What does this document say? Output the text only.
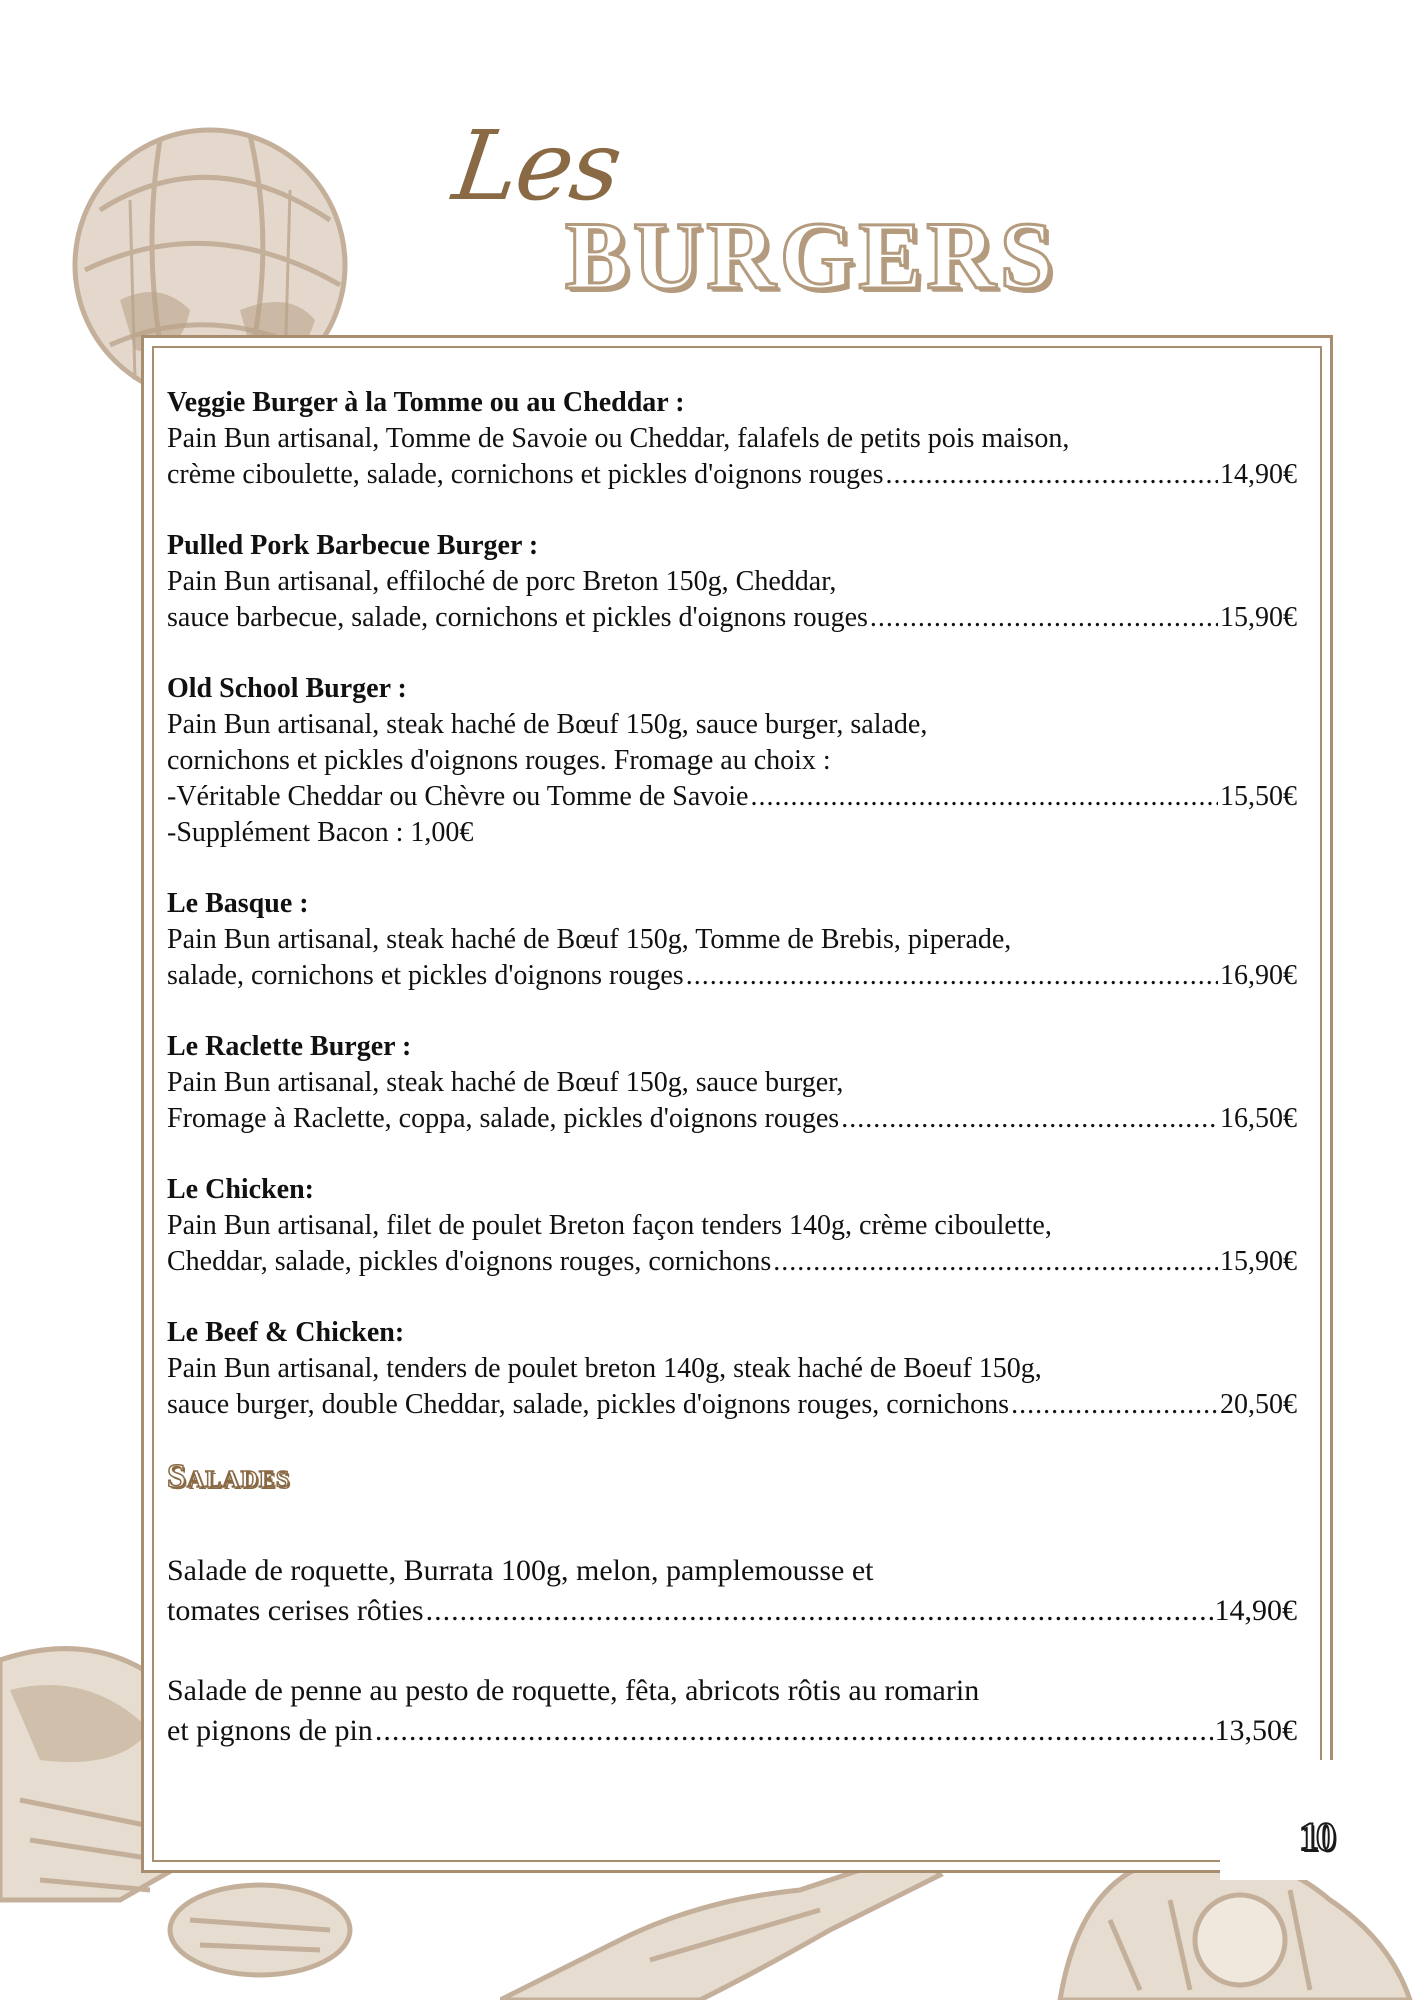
Les
BURGERS
10
Veggie Burger à la Tomme ou au Cheddar :
Pain Bun artisanal, Tomme de Savoie ou Cheddar, falafels de petits pois maison,
crème ciboulette, salade, cornichons et pickles d'oignons rouges .....	14,90€
Pulled Pork Barbecue Burger :
Pain Bun artisanal, effiloché de porc Breton 150g, Cheddar,
sauce barbecue, salade, cornichons et pickles d'oignons rouges .....	15,90€
Old School Burger :
Pain Bun artisanal, steak haché de Bœuf 150g, sauce burger, salade,
cornichons et pickles d'oignons rouges. Fromage au choix :
-Véritable Cheddar ou Chèvre ou Tomme de Savoie .....	15,50€
-Supplément Bacon : 1,00€
Le Basque :
Pain Bun artisanal, steak haché de Bœuf 150g, Tomme de Brebis, piperade,
salade, cornichons et pickles d'oignons rouges .....	16,90€
Le Raclette Burger :
Pain Bun artisanal, steak haché de Bœuf 150g, sauce burger,
Fromage à Raclette, coppa, salade, pickles d'oignons rouges .....	16,50€
Le Chicken:
Pain Bun artisanal, filet de poulet Breton façon tenders 140g, crème ciboulette,
Cheddar, salade, pickles d'oignons rouges, cornichons .....	15,90€
Le Beef & Chicken:
Pain Bun artisanal, tenders de poulet breton 140g, steak haché de Boeuf 150g,
sauce burger, double Cheddar, salade, pickles d'oignons rouges, cornichons .....	20,50€
Salades
Salade de roquette, Burrata 100g, melon, pamplemousse et
tomates cerises rôties .....	14,90€
Salade de penne au pesto de roquette, fêta, abricots rôtis au romarin
et pignons de pin .....	13,50€
